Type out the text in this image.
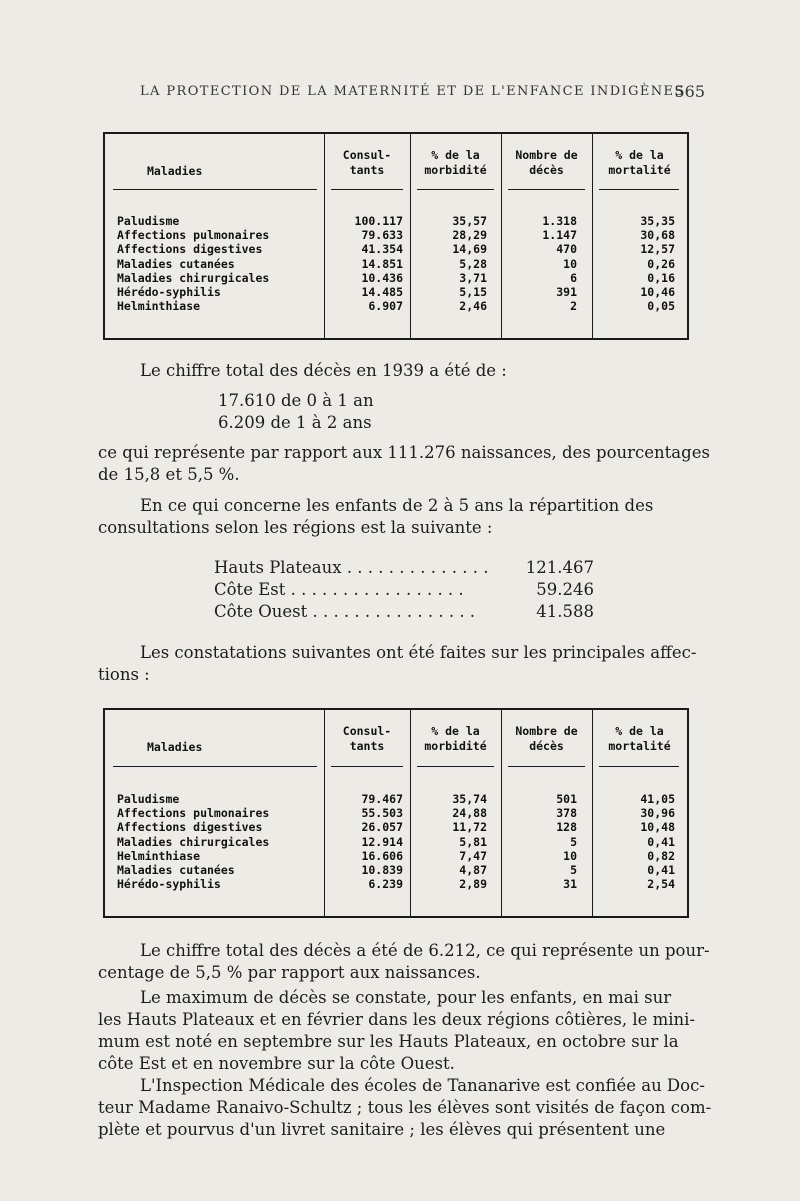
LA PROTECTION DE LA MATERNITÉ ET DE L'ENFANCE INDIGÈNES
565
Maladies
Consul-
tants
% de la
morbidité
Nombre de
décès
% de la
mortalité
Paludisme	100.117	35,57	1.318	35,35
Affections pulmonaires	79.633	28,29	1.147	30,68
Affections digestives	41.354	14,69	470	12,57
Maladies cutanées	14.851	5,28	10	0,26
Maladies chirurgicales	10.436	3,71	6	0,16
Hérédo-syphilis	14.485	5,15	391	10,46
Helminthiase	6.907	2,46	2	0,05
Le chiffre total des décès en 1939 a été de :
17.610 de 0 à 1 an
6.209 de 1 à 2 ans
ce qui représente par rapport aux 111.276 naissances, des pourcentages
de 15,8 et 5,5 %.
En ce qui concerne les enfants de 2 à 5 ans la répartition des
consultations selon les régions est la suivante :
Hauts Plateaux . . . . . . . . . . . . . . 121.467
Côte Est . . . . . . . . . . . . . . . . .	59.246
Côte Ouest . . . . . . . . . . . . . . . .	41.588
Les constatations suivantes ont été faites sur les principales affec-
tions :
Maladies
Consul-
tants
% de la
morbidité
Nombre de
décès
% de la
mortalité
Paludisme	79.467	35,74	501	41,05
Affections pulmonaires	55.503	24,88	378	30,96
Affections digestives	26.057	11,72	128	10,48
Maladies chirurgicales	12.914	5,81	5	0,41
Helminthiase	16.606	7,47	10	0,82
Maladies cutanées	10.839	4,87	5	0,41
Hérédo-syphilis	6.239	2,89	31	2,54
Le chiffre total des décès a été de 6.212, ce qui représente un pour-
centage de 5,5 % par rapport aux naissances.
Le maximum de décès se constate, pour les enfants, en mai sur
les Hauts Plateaux et en février dans les deux régions côtières, le mini-
mum est noté en septembre sur les Hauts Plateaux, en octobre sur la
côte Est et en novembre sur la côte Ouest.
L'Inspection Médicale des écoles de Tananarive est confiée au Doc-
teur Madame Ranaivo-Schultz ; tous les élèves sont visités de façon com-
plète et pourvus d'un livret sanitaire ; les élèves qui présentent une
